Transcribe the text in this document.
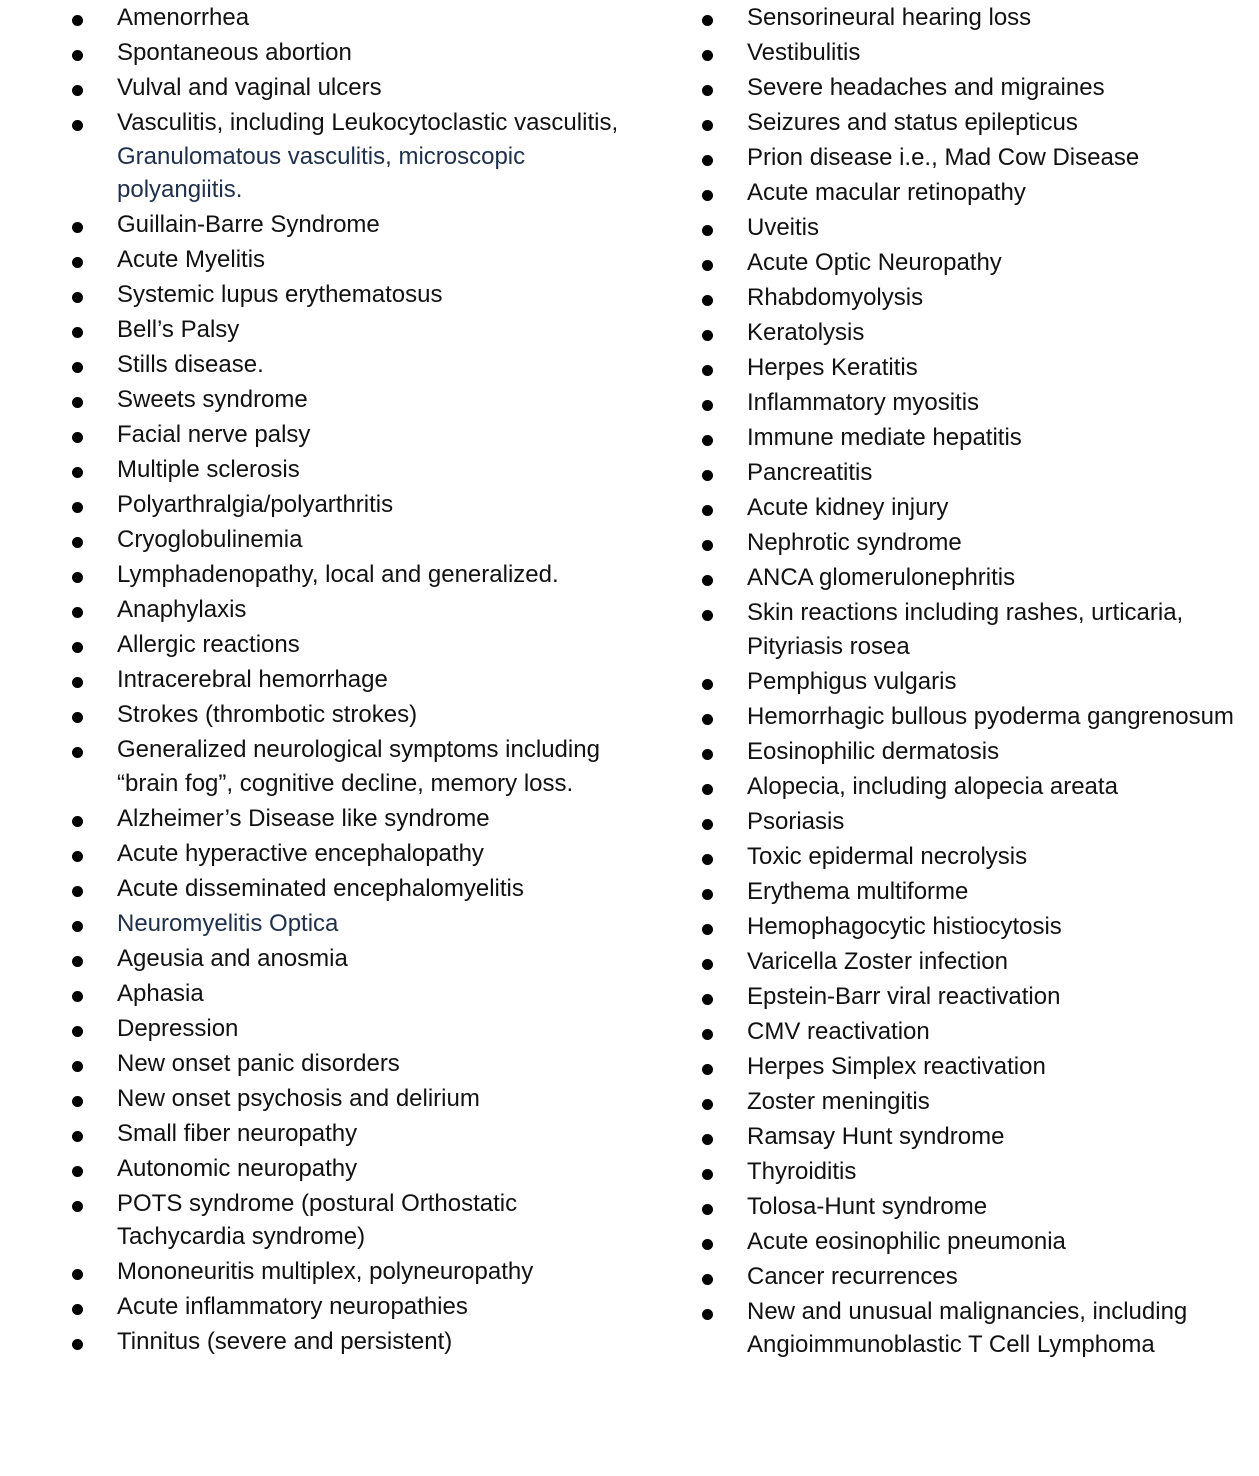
Amenorrhea
Spontaneous abortion
Vulval and vaginal ulcers
Vasculitis, including Leukocytoclastic vasculitis, Granulomatous vasculitis, microscopic polyangiitis.
Guillain-Barre Syndrome
Acute Myelitis
Systemic lupus erythematosus
Bell’s Palsy
Stills disease.
Sweets syndrome
Facial nerve palsy
Multiple sclerosis
Polyarthralgia/polyarthritis
Cryoglobulinemia
Lymphadenopathy, local and generalized.
Anaphylaxis
Allergic reactions
Intracerebral hemorrhage
Strokes (thrombotic strokes)
Generalized neurological symptoms including “brain fog”, cognitive decline, memory loss.
Alzheimer’s Disease like syndrome
Acute hyperactive encephalopathy
Acute disseminated encephalomyelitis
Neuromyelitis Optica
Ageusia and anosmia
Aphasia
Depression
New onset panic disorders
New onset psychosis and delirium
Small fiber neuropathy
Autonomic neuropathy
POTS syndrome (postural Orthostatic Tachycardia syndrome)
Mononeuritis multiplex, polyneuropathy
Acute inflammatory neuropathies
Tinnitus (severe and persistent)
Sensorineural hearing loss
Vestibulitis
Severe headaches and migraines
Seizures and status epilepticus
Prion disease i.e., Mad Cow Disease
Acute macular retinopathy
Uveitis
Acute Optic Neuropathy
Rhabdomyolysis
Keratolysis
Herpes Keratitis
Inflammatory myositis
Immune mediate hepatitis
Pancreatitis
Acute kidney injury
Nephrotic syndrome
ANCA glomerulonephritis
Skin reactions including rashes, urticaria, Pityriasis rosea
Pemphigus vulgaris
Hemorrhagic bullous pyoderma gangrenosum
Eosinophilic dermatosis
Alopecia, including alopecia areata
Psoriasis
Toxic epidermal necrolysis
Erythema multiforme
Hemophagocytic histiocytosis
Varicella Zoster infection
Epstein-Barr viral reactivation
CMV reactivation
Herpes Simplex reactivation
Zoster meningitis
Ramsay Hunt syndrome
Thyroiditis
Tolosa-Hunt syndrome
Acute eosinophilic pneumonia
Cancer recurrences
New and unusual malignancies, including Angioimmunoblastic T Cell Lymphoma
